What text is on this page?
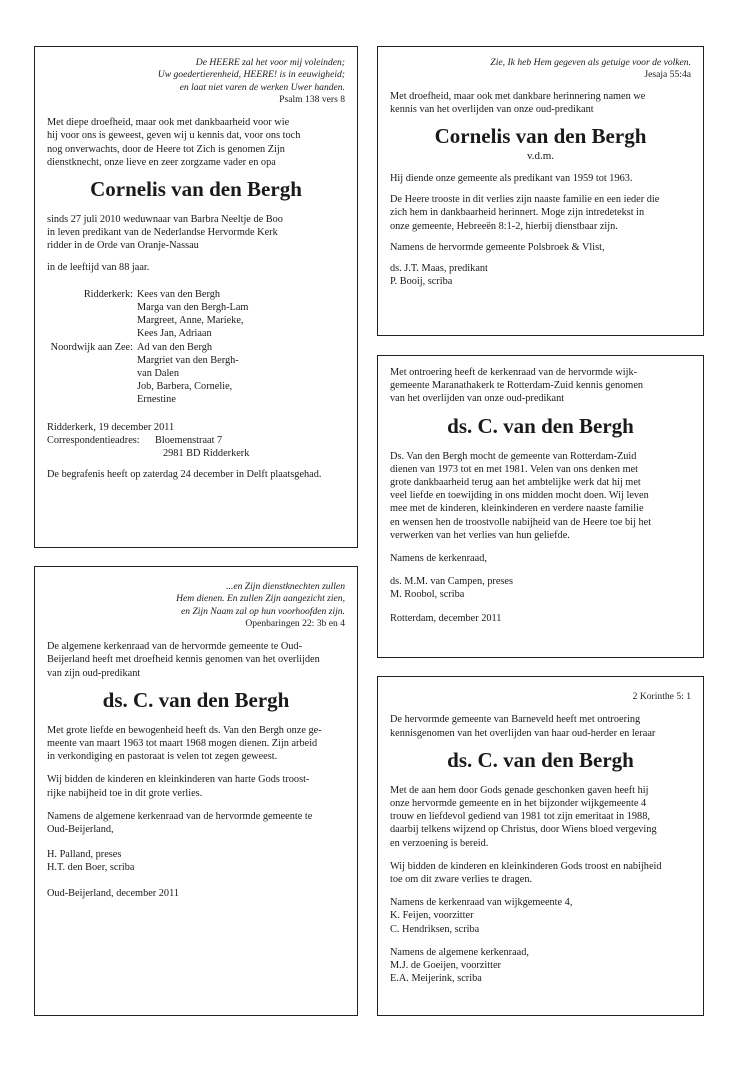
De HEERE zal het voor mij voleinden;
Uw goedertierenheid, HEERE! is in eeuwigheid;
en laat niet varen de werken Uwer handen.
Psalm 138 vers 8

Met diepe droefheid, maar ook met dankbaarheid voor wie
hij voor ons is geweest, geven wij u kennis dat, voor ons toch
nog onverwachts, door de Heere tot Zich is genomen Zijn
dienstknecht, onze lieve en zeer zorgzame vader en opa

Cornelis van den Bergh

sinds 27 juli 2010 weduwnaar van Barbra Neeltje de Boo
in leven predikant van de Nederlandse Hervormde Kerk
ridder in de Orde van Oranje-Nassau

in de leeftijd van 88 jaar.

Ridderkerk: Kees van den Bergh
Marga van den Bergh-Lam
Margreet, Anne, Marieke,
Kees Jan, Adriaan
Noordwijk aan Zee: Ad van den Bergh
Margriet van den Bergh-
van Dalen
Job, Barbera, Cornelie,
Ernestine

Ridderkerk, 19 december 2011

Correspondentieadres:	Bloemenstraat 7
2981 BD Ridderkerk

De begrafenis heeft op zaterdag 24 december in Delft plaatsgehad.

Zie, Ik heb Hem gegeven als getuige voor de volken.
Jesaja 55:4a

Met droefheid, maar ook met dankbare herinnering namen we
kennis van het overlijden van onze oud-predikant

Cornelis van den Bergh
v.d.m.

Hij diende onze gemeente als predikant van 1959 tot 1963.

De Heere trooste in dit verlies zijn naaste familie en een ieder die
zich hem in dankbaarheid herinnert. Moge zijn intredetekst in
onze gemeente, Hebreeën 8:1-2, hierbij dienstbaar zijn.

Namens de hervormde gemeente Polsbroek & Vlist,

ds. J.T. Maas, predikant
P. Booij, scriba

Met ontroering heeft de kerkenraad van de hervormde wijk-
gemeente Maranathakerk te Rotterdam-Zuid kennis genomen
van het overlijden van onze oud-predikant

ds. C. van den Bergh

Ds. Van den Bergh mocht de gemeente van Rotterdam-Zuid
dienen van 1973 tot en met 1981. Velen van ons denken met
grote dankbaarheid terug aan het ambtelijke werk dat hij met
veel liefde en toewijding in ons midden mocht doen. Wij leven
mee met de kinderen, kleinkinderen en verdere naaste familie
en wensen hen de troostvolle nabijheid van de Heere toe bij het
verwerken van het verlies van hun geliefde.

Namens de kerkenraad,

ds. M.M. van Campen, preses
M. Roobol, scriba

Rotterdam, december 2011

...en Zijn dienstknechten zullen
Hem dienen. En zullen Zijn aangezicht zien,
en Zijn Naam zal op hun voorhoofden zijn.
Openbaringen 22: 3b en 4

De algemene kerkenraad van de hervormde gemeente te Oud-
Beijerland heeft met droefheid kennis genomen van het overlijden
van zijn oud-predikant

ds. C. van den Bergh

Met grote liefde en bewogenheid heeft ds. Van den Bergh onze ge-
meente van maart 1963 tot maart 1968 mogen dienen. Zijn arbeid
in verkondiging en pastoraat is velen tot zegen geweest.

Wij bidden de kinderen en kleinkinderen van harte Gods troost-
rijke nabijheid toe in dit grote verlies.

Namens de algemene kerkenraad van de hervormde gemeente te
Oud-Beijerland,

H. Palland, preses
H.T. den Boer, scriba

Oud-Beijerland, december 2011

2 Korinthe 5: 1

De hervormde gemeente van Barneveld heeft met ontroering
kennisgenomen van het overlijden van haar oud-herder en leraar

ds. C. van den Bergh

Met de aan hem door Gods genade geschonken gaven heeft hij
onze hervormde gemeente en in het bijzonder wijkgemeente 4
trouw en liefdevol gediend van 1981 tot zijn emeritaat in 1988,
daarbij telkens wijzend op Christus, door Wiens bloed vergeving
en verzoening is bereid.

Wij bidden de kinderen en kleinkinderen Gods troost en nabijheid
toe om dit zware verlies te dragen.

Namens de kerkenraad van wijkgemeente 4,
K. Feijen, voorzitter
C. Hendriksen, scriba

Namens de algemene kerkenraad,
M.J. de Goeijen, voorzitter
E.A. Meijerink, scriba
